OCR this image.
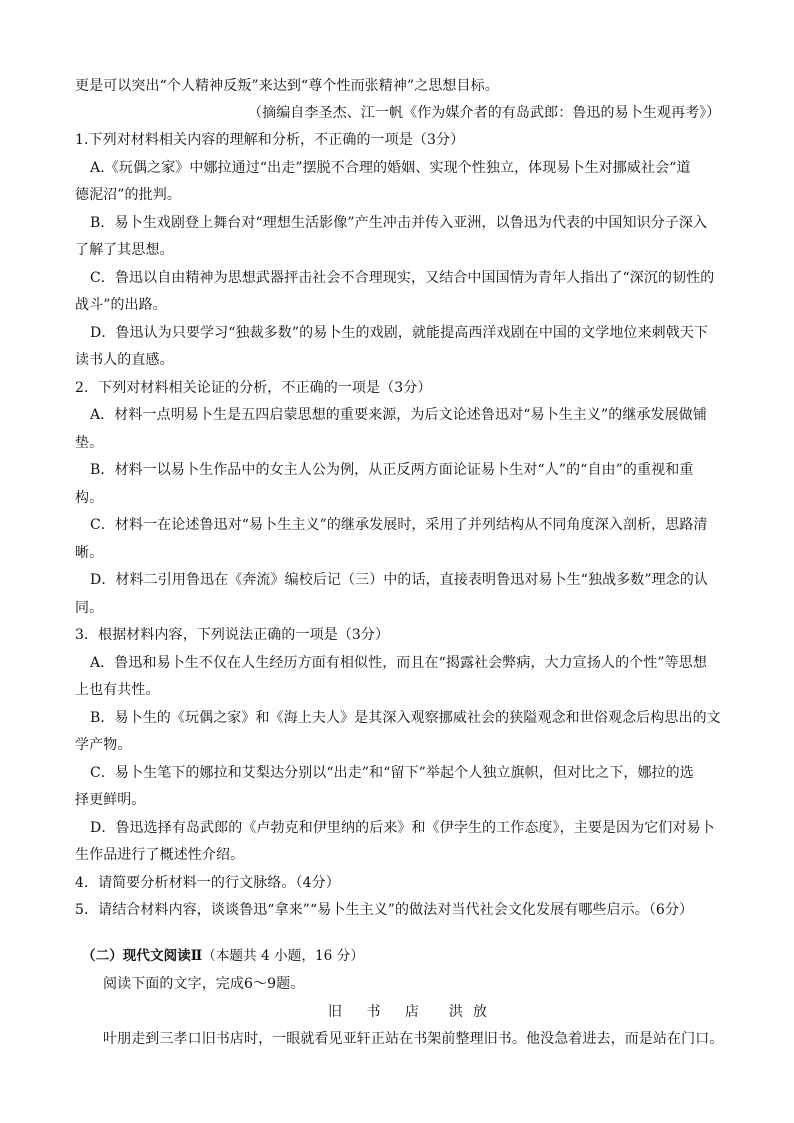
更是可以突出“个人精神反叛”来达到“尊个性而张精神”之思想目标。
（摘编自李圣杰、江一帆《作为媒介者的有岛武郎：鲁迅的易卜生观再考》）
1.下列对材料相关内容的理解和分析，不正确的一项是（3分）
A.《玩偶之家》中娜拉通过“出走”摆脱不合理的婚姻、实现个性独立，体现易卜生对挪威社会“道
德泥沼”的批判。
B．易卜生戏剧登上舞台对“理想生活影像”产生冲击并传入亚洲，以鲁迅为代表的中国知识分子深入
了解了其思想。
C．鲁迅以自由精神为思想武器抨击社会不合理现实，又结合中国国情为青年人指出了“深沉的韧性的
战斗”的出路。
D．鲁迅认为只要学习“独裁多数”的易卜生的戏剧，就能提高西洋戏剧在中国的文学地位来刺戟天下
读书人的直感。
2．下列对材料相关论证的分析，不正确的一项是（3分）
A．材料一点明易卜生是五四启蒙思想的重要来源，为后文论述鲁迅对“易卜生主义”的继承发展做铺
垫。
B．材料一以易卜生作品中的女主人公为例，从正反两方面论证易卜生对“人”的“自由”的重视和重
构。
C．材料一在论述鲁迅对“易卜生主义”的继承发展时，采用了并列结构从不同角度深入剖析，思路清
晰。
D．材料二引用鲁迅在《奔流》编校后记（三）中的话，直接表明鲁迅对易卜生“独战多数”理念的认
同。
3．根据材料内容，下列说法正确的一项是（3分）
A．鲁迅和易卜生不仅在人生经历方面有相似性，而且在“揭露社会弊病，大力宣扬人的个性”等思想
上也有共性。
B．易卜生的《玩偶之家》和《海上夫人》是其深入观察挪威社会的狭隘观念和世俗观念后构思出的文
学产物。
C．易卜生笔下的娜拉和艾梨达分别以“出走”和“留下”举起个人独立旗帜，但对比之下，娜拉的选
择更鲜明。
D．鲁迅选择有岛武郎的《卢勃克和伊里纳的后来》和《伊孛生的工作态度》，主要是因为它们对易卜
生作品进行了概述性介绍。
4．请简要分析材料一的行文脉络。（4分）
5．请结合材料内容，谈谈鲁迅“拿来”“易卜生主义”的做法对当代社会文化发展有哪些启示。（6分）
（二）现代文阅读Ⅱ（本题共 4 小题，16 分）
阅读下面的文字，完成6～9题。
旧 书 店 洪放
叶朋走到三孝口旧书店时，一眼就看见亚轩正站在书架前整理旧书。他没急着进去，而是站在门口。
